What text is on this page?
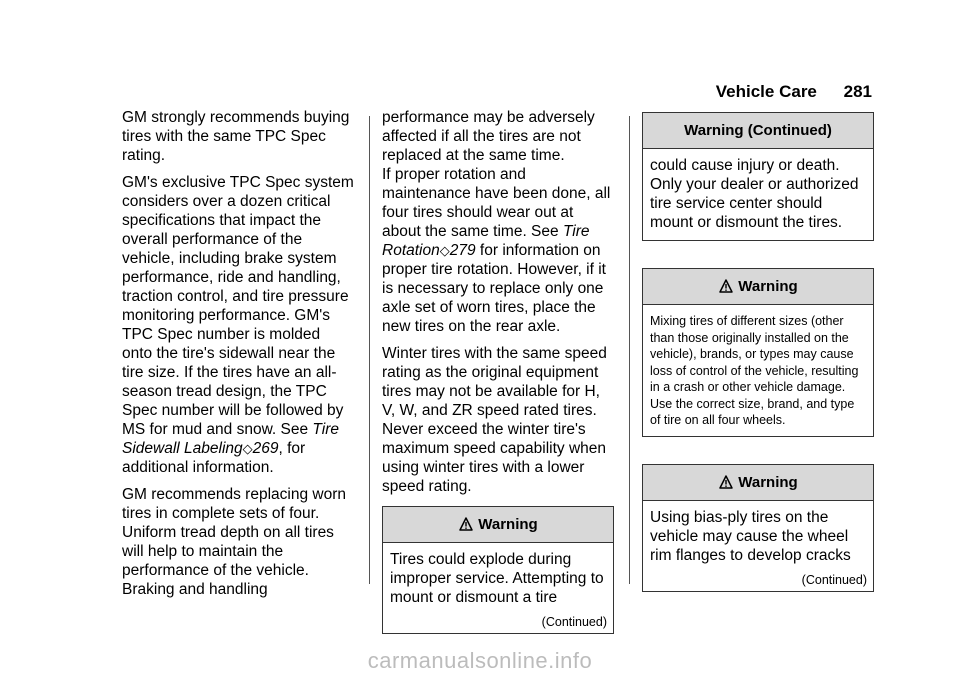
Vehicle Care 281

GM strongly recommends buying tires with the same TPC Spec rating.

GM's exclusive TPC Spec system considers over a dozen critical specifications that impact the overall performance of the vehicle, including brake system performance, ride and handling, traction control, and tire pressure monitoring performance. GM's TPC Spec number is molded onto the tire's sidewall near the tire size. If the tires have an all-season tread design, the TPC Spec number will be followed by MS for mud and snow. See Tire Sidewall Labeling◇269, for additional information.

GM recommends replacing worn tires in complete sets of four. Uniform tread depth on all tires will help to maintain the performance of the vehicle. Braking and handling

performance may be adversely affected if all the tires are not replaced at the same time.

If proper rotation and maintenance have been done, all four tires should wear out at about the same time. See Tire Rotation◇279 for information on proper tire rotation. However, if it is necessary to replace only one axle set of worn tires, place the new tires on the rear axle.

Winter tires with the same speed rating as the original equipment tires may not be available for H, V, W, and ZR speed rated tires. Never exceed the winter tire's maximum speed capability when using winter tires with a lower speed rating.

Warning
Tires could explode during improper service. Attempting to mount or dismount a tire
(Continued)
Warning (Continued)
could cause injury or death. Only your dealer or authorized tire service center should mount or dismount the tires.
Warning
Mixing tires of different sizes (other than those originally installed on the vehicle), brands, or types may cause loss of control of the vehicle, resulting in a crash or other vehicle damage. Use the correct size, brand, and type of tire on all four wheels.
Warning
Using bias-ply tires on the vehicle may cause the wheel rim flanges to develop cracks
(Continued)
carmanualsonline.info
